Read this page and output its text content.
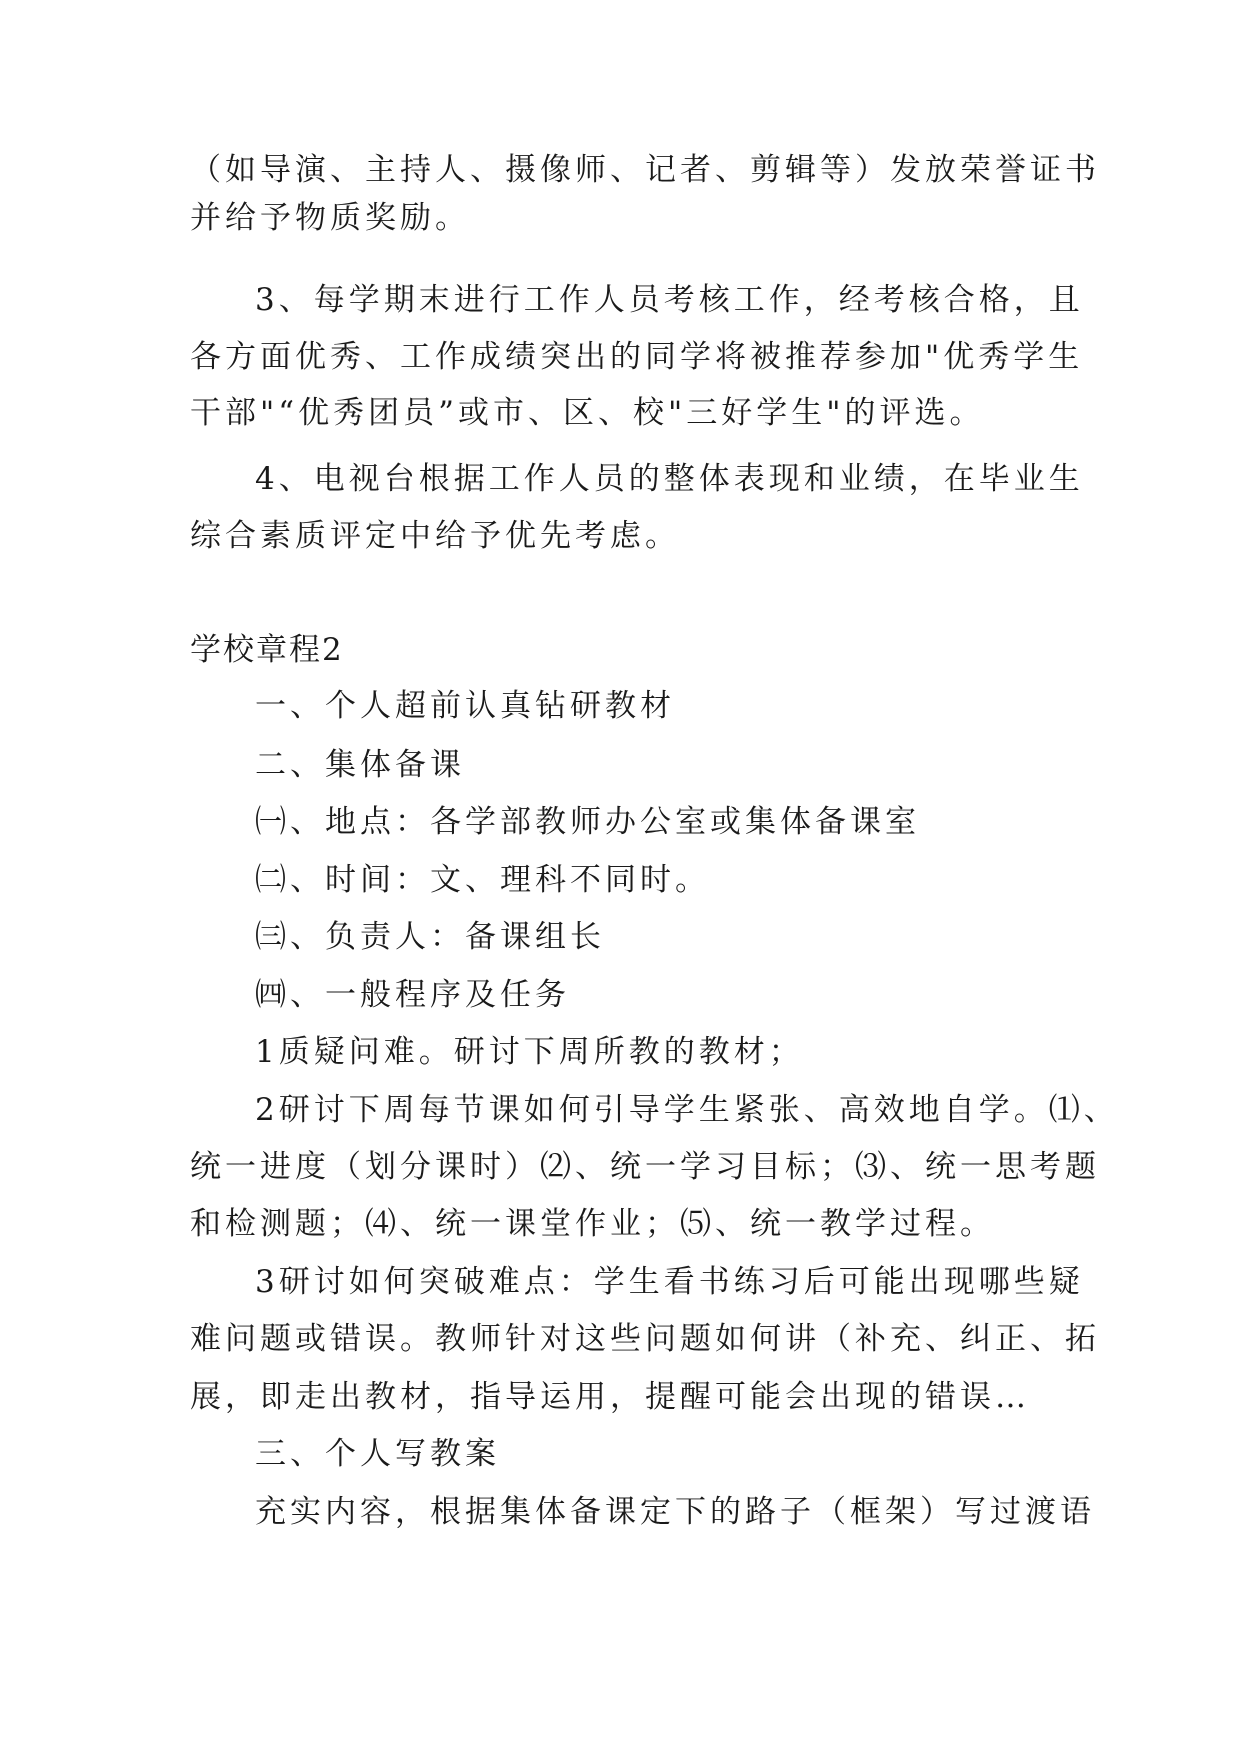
（如导演、主持人、摄像师、记者、剪辑等）发放荣誉证书
并给予物质奖励。
3、每学期末进行工作人员考核工作，经考核合格，且
各方面优秀、工作成绩突出的同学将被推荐参加"优秀学生
干部"“优秀团员”或市、区、校"三好学生"的评选。
4、电视台根据工作人员的整体表现和业绩，在毕业生
综合素质评定中给予优先考虑。
学校章程2
一、个人超前认真钻研教材
二、集体备课
㈠、地点：各学部教师办公室或集体备课室
㈡、时间：文、理科不同时。
㈢、负责人：备课组长
㈣、一般程序及任务
1质疑问难。研讨下周所教的教材；
2研讨下周每节课如何引导学生紧张、高效地自学。⑴、
统一进度（划分课时）⑵、统一学习目标；⑶、统一思考题
和检测题；⑷、统一课堂作业；⑸、统一教学过程。
3研讨如何突破难点：学生看书练习后可能出现哪些疑
难问题或错误。教师针对这些问题如何讲（补充、纠正、拓
展，即走出教材，指导运用，提醒可能会出现的错误…
三、个人写教案
充实内容，根据集体备课定下的路子（框架）写过渡语
